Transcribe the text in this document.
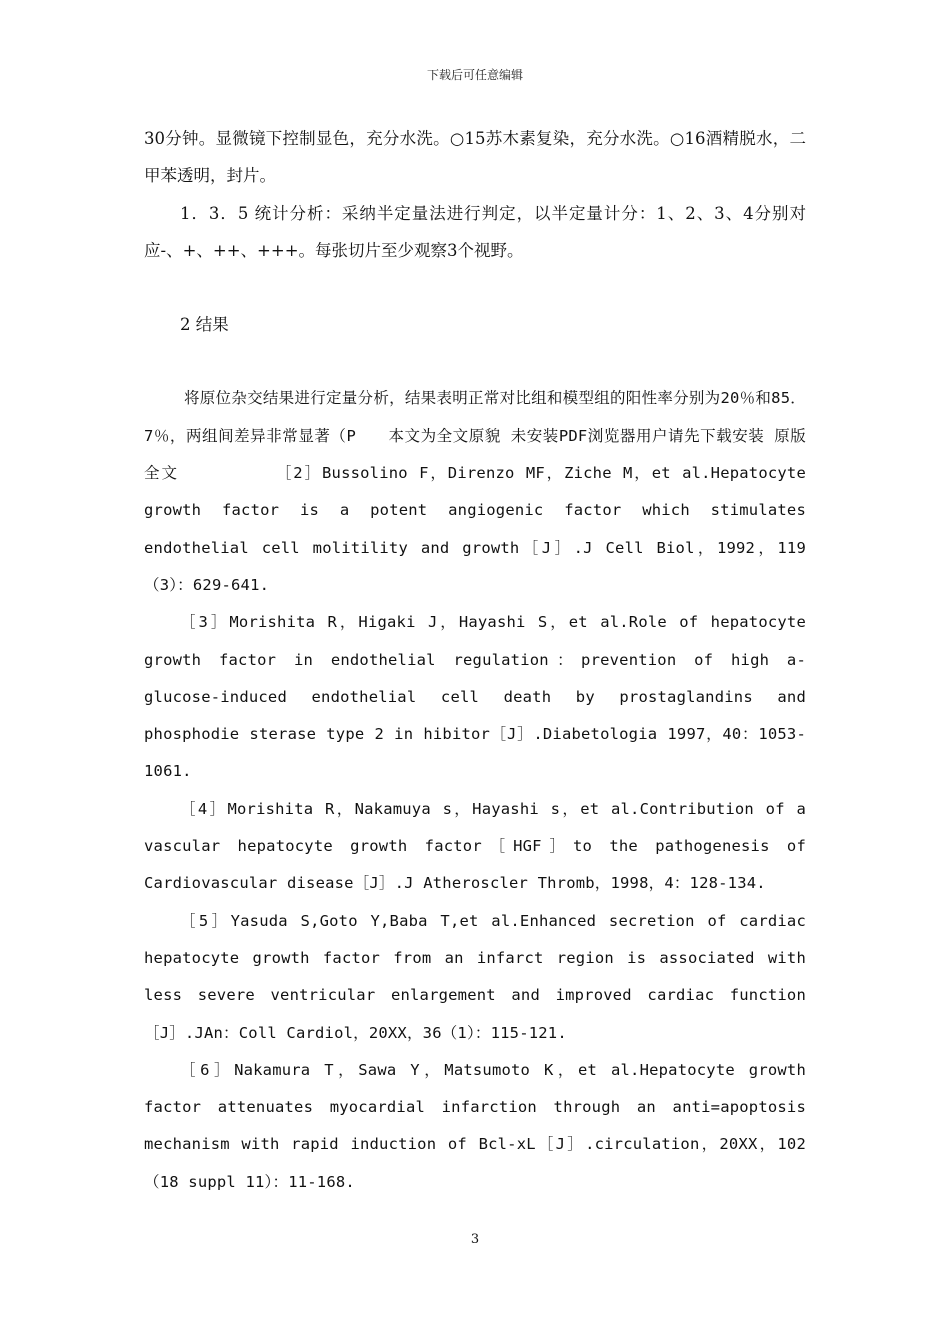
下载后可任意编辑

30分钟。显微镜下控制显色，充分水洗。○15苏木素复染，充分水洗。○16酒精脱水，二甲苯透明，封片。

1．3．5 统计分析：采纳半定量法进行判定，以半定量计分：1、2、3、4分别对应-、+、++、+++。每张切片至少观察3个视野。

2 结果

将原位杂交结果进行定量分析，结果表明正常对比组和模型组的阳性率分别为20％和85．7％，两组间差异非常显著（P　　本文为全文原貌 未安装PDF浏览器用户请先下载安装 原版全文　　　　　　［2］Bussolino F，Direnzo MF，Ziche M，et al.Hepatocyte growth factor is a potent angiogenic factor which stimulates endothelial cell molitility and growth［J］.J Cell Biol，1992，119（3）：629-641.

［3］Morishita R，Higaki J，Hayashi S，et al.Role of hepatocyte growth factor in endothelial regulation：prevention of high a-glucose-induced endothelial cell death by prostaglandins and phosphodie sterase type 2 in hibitor［J］.Diabetologia 1997，40：1053-1061.

［4］Morishita R，Nakamuya s，Hayashi s，et al.Contribution of a vascular hepatocyte growth factor［HGF］to the pathogenesis of Cardiovascular disease［J］.J Atheroscler Thromb，1998，4：128-134.

［5］Yasuda S,Goto Y,Baba T,et al.Enhanced secretion of cardiac hepatocyte growth factor from an infarct region is associated with less severe ventricular enlargement and improved cardiac function［J］.JAn：Coll Cardiol，20XX，36（1）：115-121.

［6］Nakamura T，Sawa Y，Matsumoto K，et al.Hepatocyte growth factor attenuates myocardial infarction through an anti=apoptosis mechanism with rapid induction of Bcl-xL［J］.circulation，20XX，102（18 suppl 11）：11-168.

3
